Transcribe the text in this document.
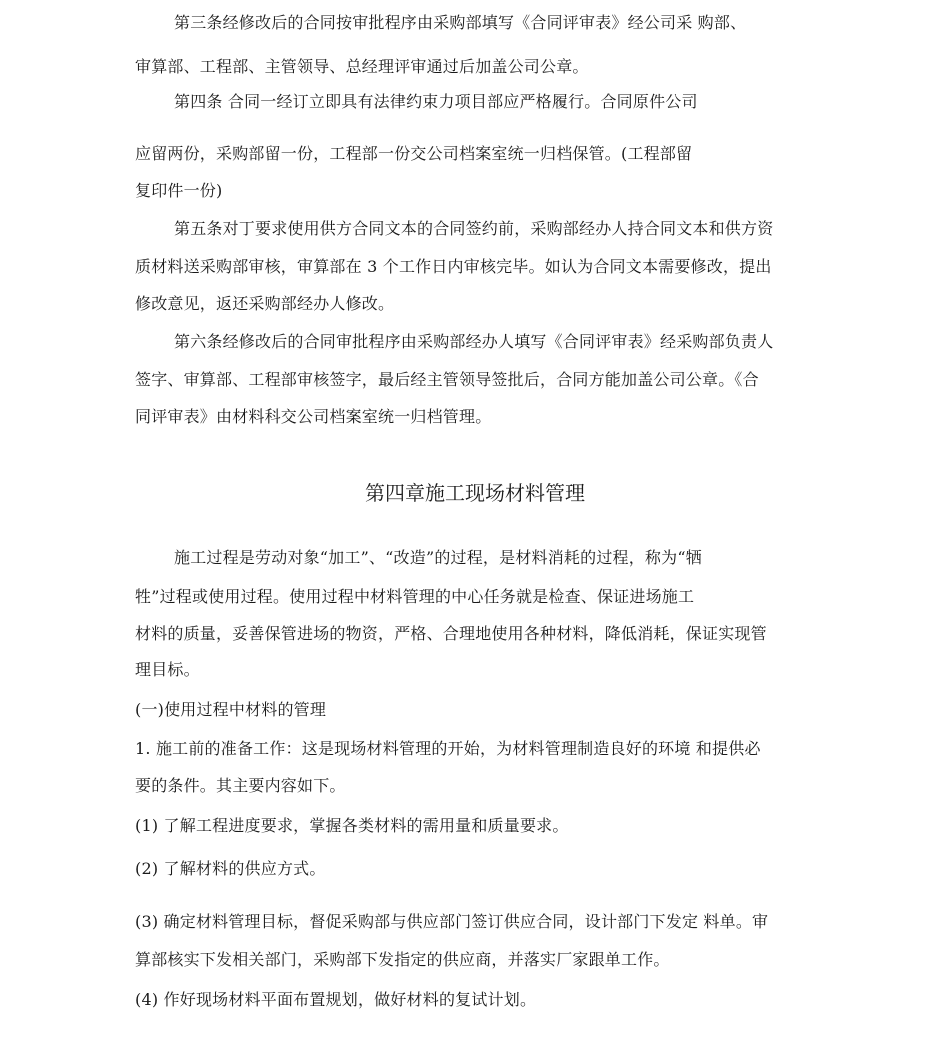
第三条经修改后的合同按审批程序由采购部填写《合同评审表》经公司采 购部、
审算部、工程部、主管领导、总经理评审通过后加盖公司公章。
第四条 合同一经订立即具有法律约束力项目部应严格履行。合同原件公司
应留两份，采购部留一份，工程部一份交公司档案室统一归档保管。(工程部留
复印件一份)
第五条对丁要求使用供方合同文本的合同签约前，采购部经办人持合同文本和供方资
质材料送采购部审核，审算部在 3 个工作日内审核完毕。如认为合同文本需要修改，提出
修改意见，返还采购部经办人修改。
第六条经修改后的合同审批程序由采购部经办人填写《合同评审表》经采购部负责人
签字、审算部、工程部审核签字，最后经主管领导签批后，合同方能加盖公司公章。《合
同评审表》由材料科交公司档案室统一归档管理。
第四章施工现场材料管理
施工过程是劳动对象“加工”、“改造”的过程，是材料消耗的过程，称为“牺
牲”过程或使用过程。使用过程中材料管理的中心任务就是检查、保证进场施工
材料的质量，妥善保管进场的物资，严格、合理地使用各种材料，降低消耗，保证实现管
理目标。
(一)使用过程中材料的管理
1. 施工前的准备工作：这是现场材料管理的开始，为材料管理制造良好的环境 和提供必
要的条件。其主要内容如下。
(1) 了解工程进度要求，掌握各类材料的需用量和质量要求。
(2) 了解材料的供应方式。
(3) 确定材料管理目标，督促采购部与供应部门签订供应合同，设计部门下发定 料单。审
算部核实下发相关部门，采购部下发指定的供应商，并落实厂家跟单工作。
(4) 作好现场材料平面布置规划，做好材料的复试计划。
